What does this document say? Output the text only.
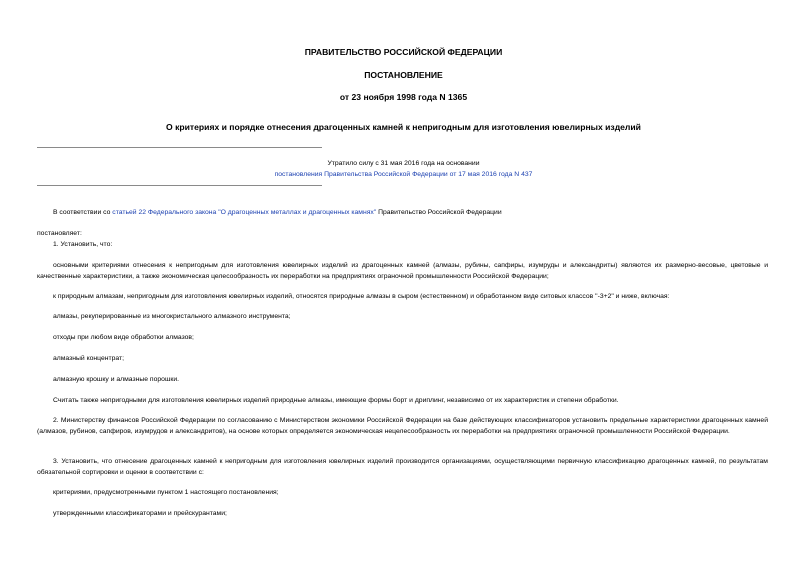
ПРАВИТЕЛЬСТВО РОССИЙСКОЙ ФЕДЕРАЦИИ
ПОСТАНОВЛЕНИЕ
от 23 ноября 1998 года N 1365
О критериях и порядке отнесения драгоценных камней к непригодным для изготовления ювелирных изделий
Утратило силу с 31 мая 2016 года на основании
постановления Правительства Российской Федерации от 17 мая 2016 года N 437
В соответствии со статьей 22 Федерального закона "О драгоценных металлах и драгоценных камнях" Правительство Российской Федерации
постановляет:
1. Установить, что:
основными критериями отнесения к непригодным для изготовления ювелирных изделий из драгоценных камней (алмазы, рубины, сапфиры, изумруды и александриты) являются их размерно-весовые, цветовые и качественные характеристики, а также экономическая целесообразность их переработки на предприятиях ограночной промышленности Российской Федерации;
к природным алмазам, непригодным для изготовления ювелирных изделий, относятся природные алмазы в сыром (естественном) и обработанном виде ситовых классов "-3+2" и ниже, включая:
алмазы, рекуперированные из многокристального алмазного инструмента;
отходы при любом виде обработки алмазов;
алмазный концентрат;
алмазную крошку и алмазные порошки.
Считать также непригодными для изготовления ювелирных изделий природные алмазы, имеющие формы борт и дриплинг, независимо от их характеристик и степени обработки.
2. Министерству финансов Российской Федерации по согласованию с Министерством экономики Российской Федерации на базе действующих классификаторов установить предельные характеристики драгоценных камней (алмазов, рубинов, сапфиров, изумрудов и александритов), на основе которых определяется экономическая нецелесообразность их переработки на предприятиях ограночной промышленности Российской Федерации.
3. Установить, что отнесение драгоценных камней к непригодным для изготовления ювелирных изделий производится организациями, осуществляющими первичную классификацию драгоценных камней, по результатам обязательной сортировки и оценки в соответствии с:
критериями, предусмотренными пунктом 1 настоящего постановления;
утвержденными классификаторами и прейскурантами;
